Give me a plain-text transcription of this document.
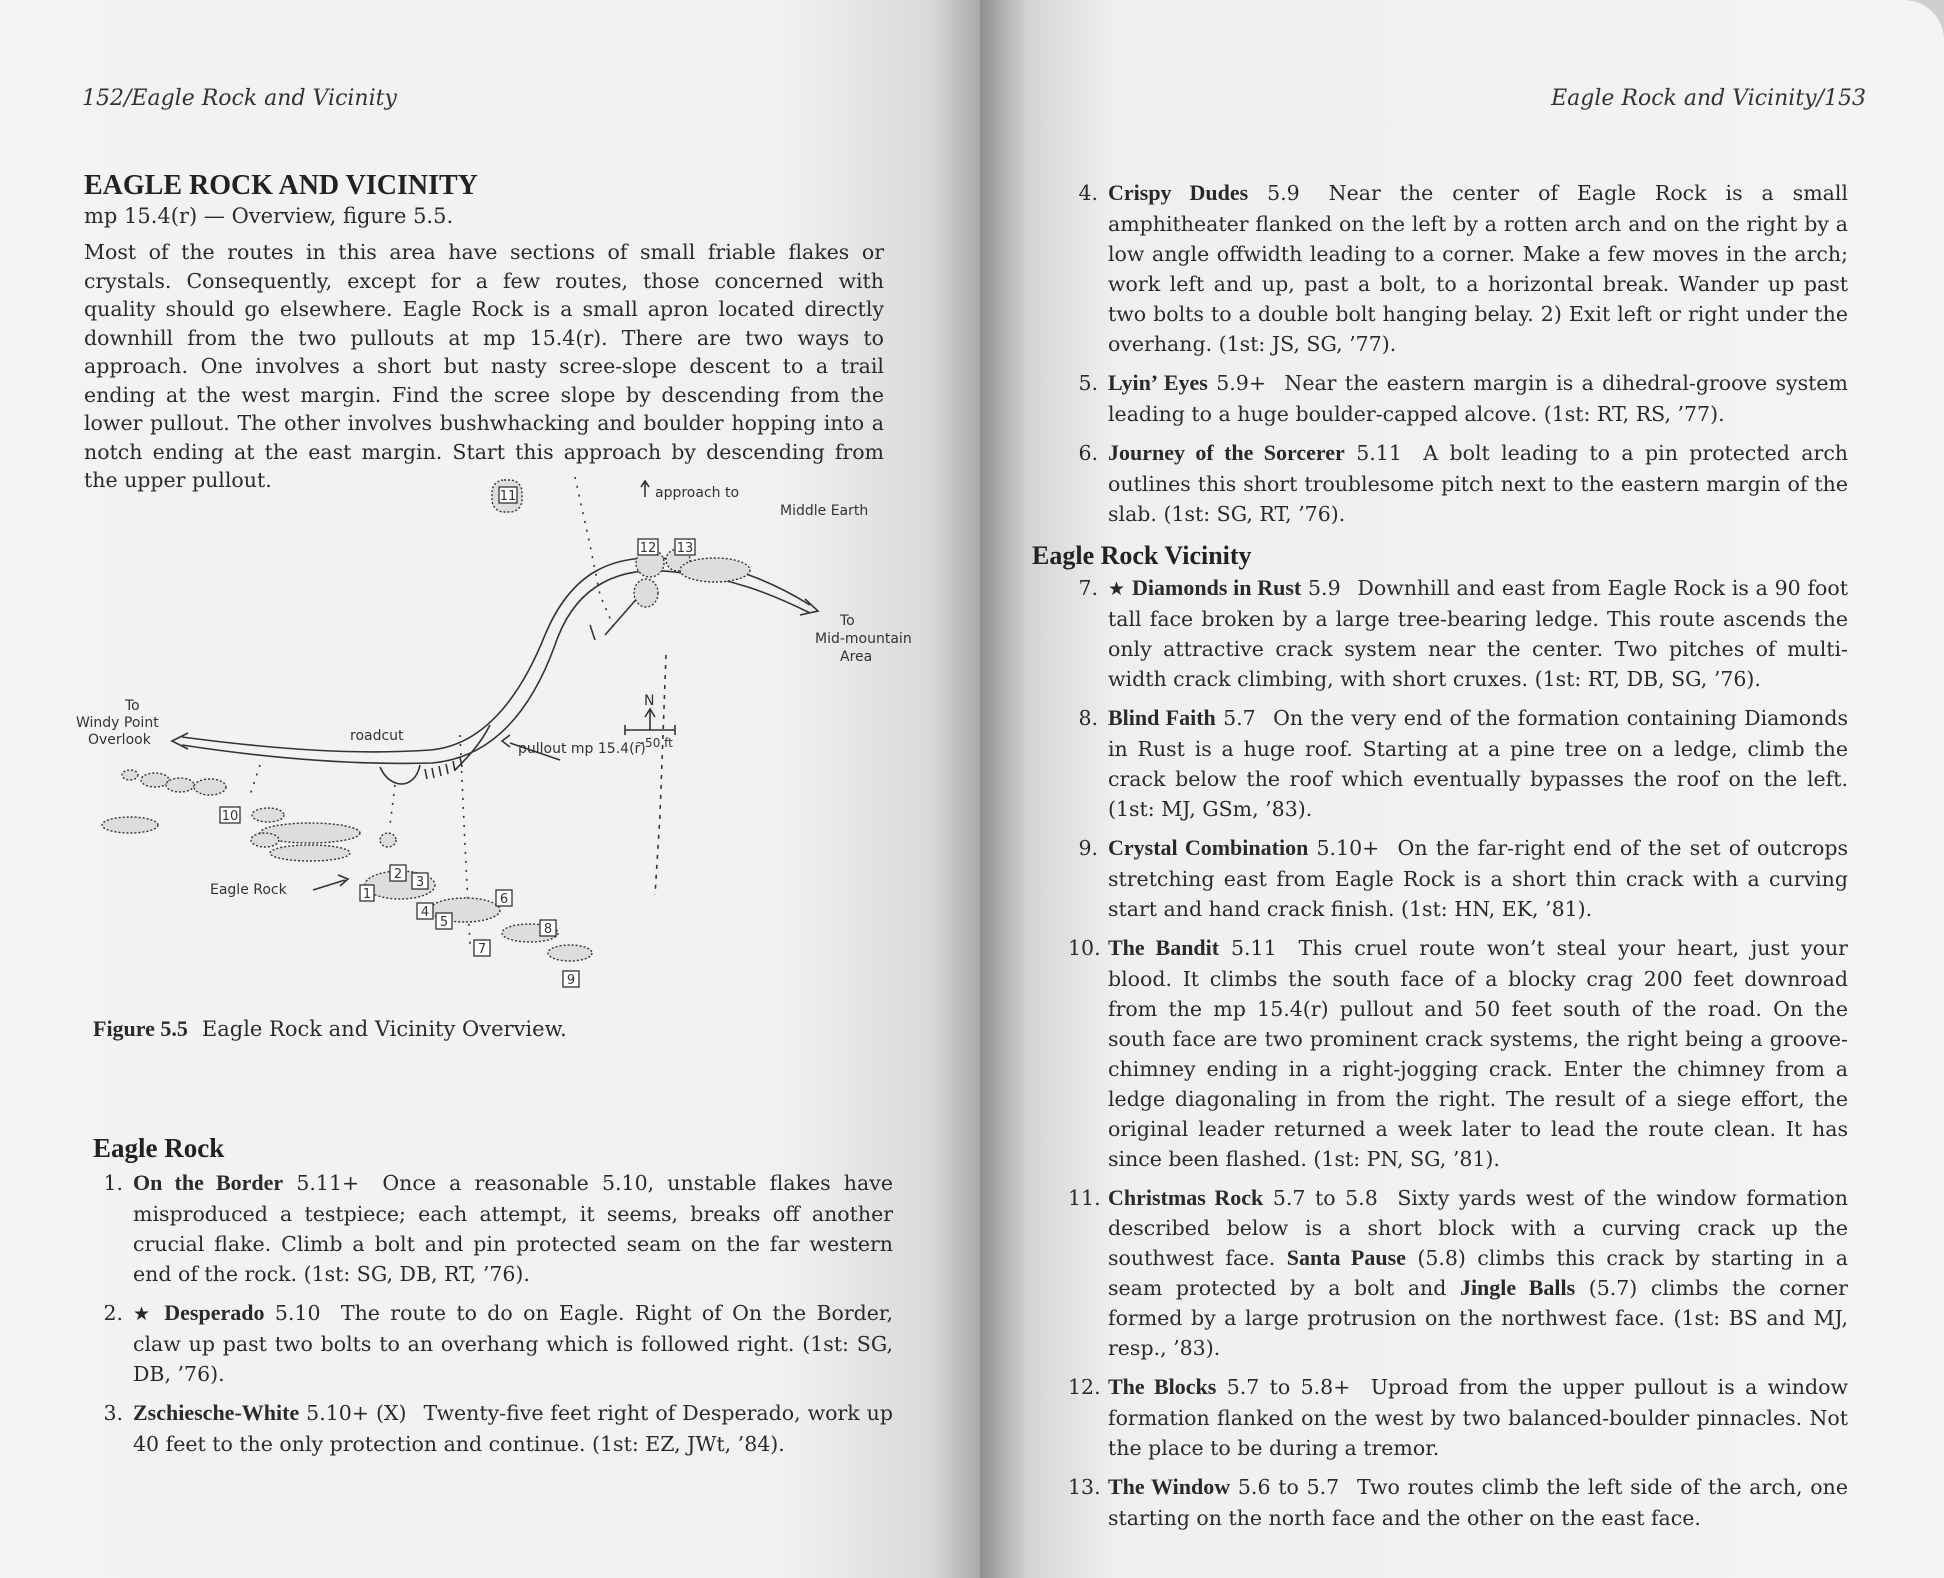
152/Eagle Rock and Vicinity
EAGLE ROCK AND VICINITY

mp 15.4(r) — Overview, figure 5.5.

Most of the routes in this area have sections of small friable flakes or crystals. Consequently, except for a few routes, those concerned with quality should go elsewhere. Eagle Rock is a small apron located directly downhill from the two pullouts at mp 15.4(r). There are two ways to approach. One involves a short but nasty scree-slope descent to a trail ending at the west margin. Find the scree slope by descending from the lower pullout. The other involves bushwhacking and boulder hopping into a notch ending at the east margin. Start this approach by descending from the upper pullout.

1
2
3
4
5
6
7
8
9
10
11
12 13
approach to
Middle Earth
To
Mid-mountain
Area
N
~50 ft
To
Windy Point
Overlook	roadcut
pullout mp 15.4(r)
Eagle Rock
Figure 5.5 Eagle Rock and Vicinity Overview.
Eagle Rock
1. On the Border 5.11+ Once a reasonable 5.10, unstable flakes have misproduced a testpiece; each attempt, it seems, breaks off another crucial flake. Climb a bolt and pin protected seam on the far western end of the rock. (1st: SG, DB, RT, ’76).
2. ★ Desperado 5.10 The route to do on Eagle. Right of On the Border, claw up past two bolts to an overhang which is followed right. (1st: SG, DB, ’76).
3. Zschiesche-White 5.10+ (X) Twenty-five feet right of Desperado, work up 40 feet to the only protection and continue. (1st: EZ, JWt, ’84).
Eagle Rock and Vicinity/153
4. Crispy Dudes 5.9 Near the center of Eagle Rock is a small amphitheater flanked on the left by a rotten arch and on the right by a low angle offwidth leading to a corner. Make a few moves in the arch; work left and up, past a bolt, to a horizontal break. Wander up past two bolts to a double bolt hanging belay. 2) Exit left or right under the overhang. (1st: JS, SG, ’77).
5. Lyin’ Eyes 5.9+ Near the eastern margin is a dihedral-groove system leading to a huge boulder-capped alcove. (1st: RT, RS, ’77).
6. Journey of the Sorcerer 5.11 A bolt leading to a pin protected arch outlines this short troublesome pitch next to the eastern margin of the slab. (1st: SG, RT, ’76).
Eagle Rock Vicinity
7. ★ Diamonds in Rust 5.9 Downhill and east from Eagle Rock is a 90 foot tall face broken by a large tree-bearing ledge. This route ascends the only attractive crack system near the center. Two pitches of multi-width crack climbing, with short cruxes. (1st: RT, DB, SG, ’76).
8. Blind Faith 5.7 On the very end of the formation containing Diamonds in Rust is a huge roof. Starting at a pine tree on a ledge, climb the crack below the roof which eventually bypasses the roof on the left. (1st: MJ, GSm, ’83).
9. Crystal Combination 5.10+ On the far-right end of the set of outcrops stretching east from Eagle Rock is a short thin crack with a curving start and hand crack finish. (1st: HN, EK, ’81).
10. The Bandit 5.11 This cruel route won’t steal your heart, just your blood. It climbs the south face of a blocky crag 200 feet downroad from the mp 15.4(r) pullout and 50 feet south of the road. On the south face are two prominent crack systems, the right being a groove-chimney ending in a right-jogging crack. Enter the chimney from a ledge diagonaling in from the right. The result of a siege effort, the original leader returned a week later to lead the route clean. It has since been flashed. (1st: PN, SG, ’81).
11. Christmas Rock 5.7 to 5.8 Sixty yards west of the window formation described below is a short block with a curving crack up the southwest face. Santa Pause (5.8) climbs this crack by starting in a seam protected by a bolt and Jingle Balls (5.7) climbs the corner formed by a large protrusion on the northwest face. (1st: BS and MJ, resp., ’83).
12. The Blocks 5.7 to 5.8+ Uproad from the upper pullout is a window formation flanked on the west by two balanced-boulder pinnacles. Not the place to be during a tremor.
13. The Window 5.6 to 5.7 Two routes climb the left side of the arch, one starting on the north face and the other on the east face.
